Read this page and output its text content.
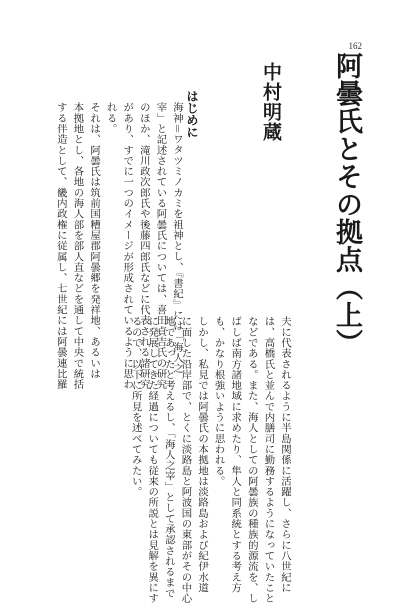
162
阿曇氏とその拠点（上）
中村明蔵
はじめに

海神＝ワタツミノカミを祖神とし、『書紀』には「海人之

宰」と記述されている阿曇氏については、喜田貞吉氏の研究

のほか、滝川政次郎氏や後藤四郎氏などに代表される諸研究

があり、すでに一つのイメージが形成されているように思わ

れる。

それは、阿曇氏は筑前国糟屋郡阿曇郷を発祥地、あるいは

本拠地とし、各地の海人部を部人直などを通して中央で統括

する伴造として、畿内政権に従属し、七世紀には阿曇連比羅

夫に代表されるように半島関係に活躍し、さらに八世紀に

は、高橋氏と並んで内膳司に勤務するようになっていたこと

などである。また、海人としての阿曇族の種族的源流を、し

ばしば南方諸地域に求めたり、隼人と同系統とする考え方

も、かなり根強いように思われる。

しかし、私見では阿曇氏の本拠地は淡路島および紀伊水道

に面した沿岸部で、とくに淡路島と阿波国の東部がその中心

地であったと考えるし、「海人之宰」として承認されるまで

に発展してきた経過についても従来の所説とは見解を異にす

るので、以下に所見を述べてみたい。
